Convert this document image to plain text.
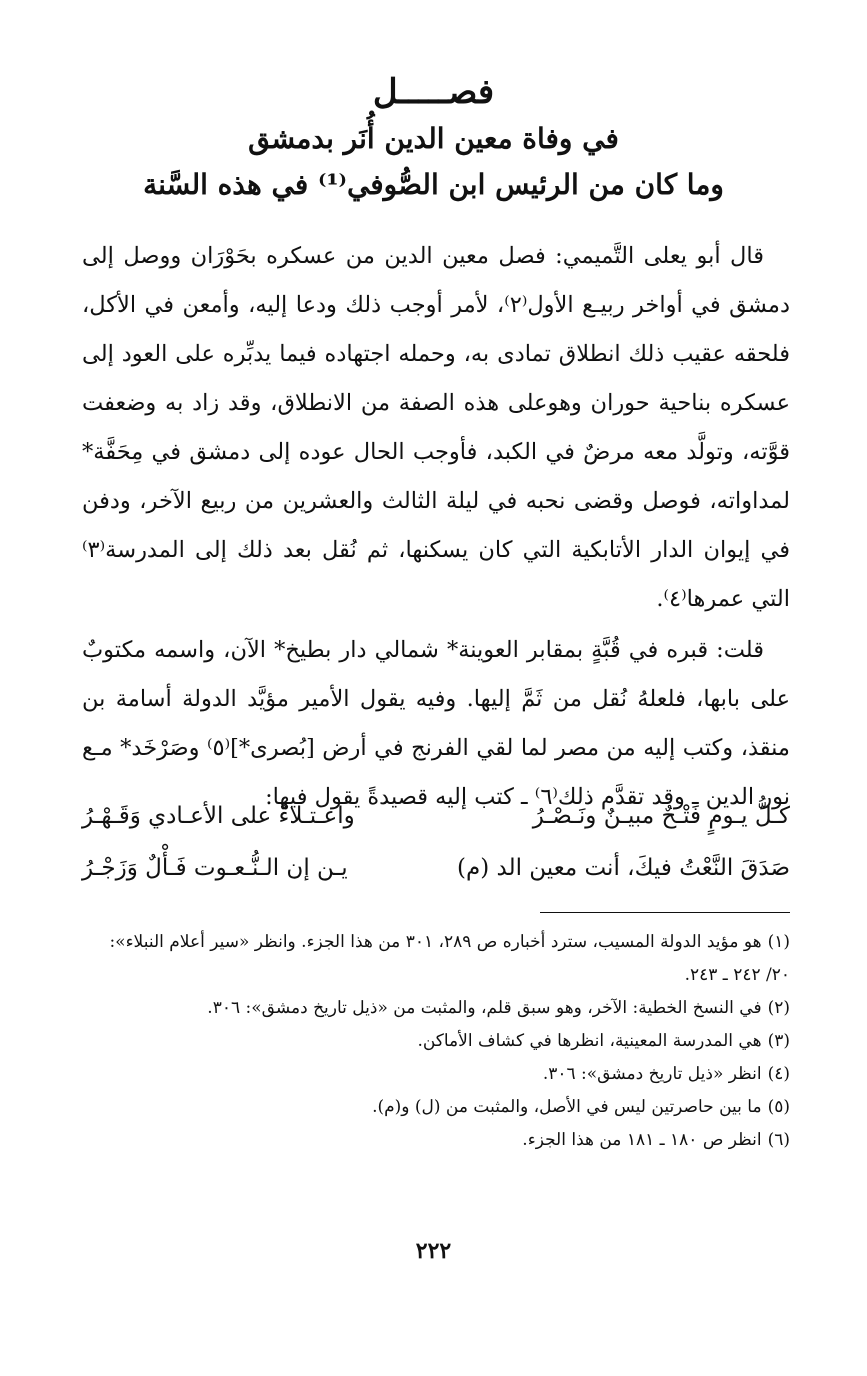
فصـــــل
في وفاة معين الدين أُنَر بدمشق
وما كان من الرئيس ابن الصُّوفي⁽¹⁾ في هذه السَّنة

قال أبو يعلى التَّميمي: فصل معين الدين من عسكره بحَوْرَان ووصل إلى دمشق في أواخر ربيـع الأول⁽٢⁾، لأمر أوجب ذلك ودعا إليه، وأمعن في الأكل، فلحقه عقيب ذلك انطلاق تمادى به، وحمله اجتهاده فيما يدبِّره على العود إلى عسكره بناحية حوران وهوعلى هذه الصفة من الانطلاق، وقد زاد به وضعفت قوَّته، وتولَّد معه مرضٌ في الكبد، فأوجب الحال عوده إلى دمشق في مِحَفَّة* لمداواته، فوصل وقضى نحبه في ليلة الثالث والعشرين من ربيع الآخر، ودفن في إيوان الدار الأتابكية التي كان يسكنها، ثم نُقل بعد ذلك إلى المدرسة⁽٣⁾ التي عمرها⁽٤⁾.

قلت: قبره في قُبَّةٍ بمقابر العوينة* شمالي دار بطيخ* الآن، واسمه مكتوبٌ على بابها، فلعلهُ نُقل من ثَمَّ إليها. وفيه يقول الأمير مؤيَّد الدولة أسامة بن منقذ، وكتب إليه من مصر لما لقي الفرنج في أرض [بُصرى*]⁽٥⁾ وصَرْخَد* مـع نور الدين ـ وقد تقدَّم ذلك⁽٦⁾ ـ كتب إليه قصيدةً يقول فيها:

كـلُّ يـومٍ فَتْـحٌ مبيـنٌ ونَـصْـرُ
واعـتـلاءٌ على الأعـادي وَقَـهْـرُ
صَدَقَ النَّعْتُ فيكَ، أنت معين الد (م)
يـن إن الـنُّـعـوت فَـأْلٌ وَزَجْـرُ
(١)هو مؤيد الدولة المسيب، سترد أخباره ص ٢٨٩، ٣٠١ من هذا الجزء. وانظر «سير أعلام النبلاء»: ٢٠/ ٢٤٢ ـ ٢٤٣.
(٢)في النسخ الخطية: الآخر، وهو سبق قلم، والمثبت من «ذيل تاريخ دمشق»: ٣٠٦.
(٣)هي المدرسة المعينية، انظرها في كشاف الأماكن.
(٤)انظر «ذيل تاريخ دمشق»: ٣٠٦.
(٥)ما بين حاصرتين ليس في الأصل، والمثبت من (ل) و(م).
(٦)انظر ص ١٨٠ ـ ١٨١ من هذا الجزء.
٢٢٢
